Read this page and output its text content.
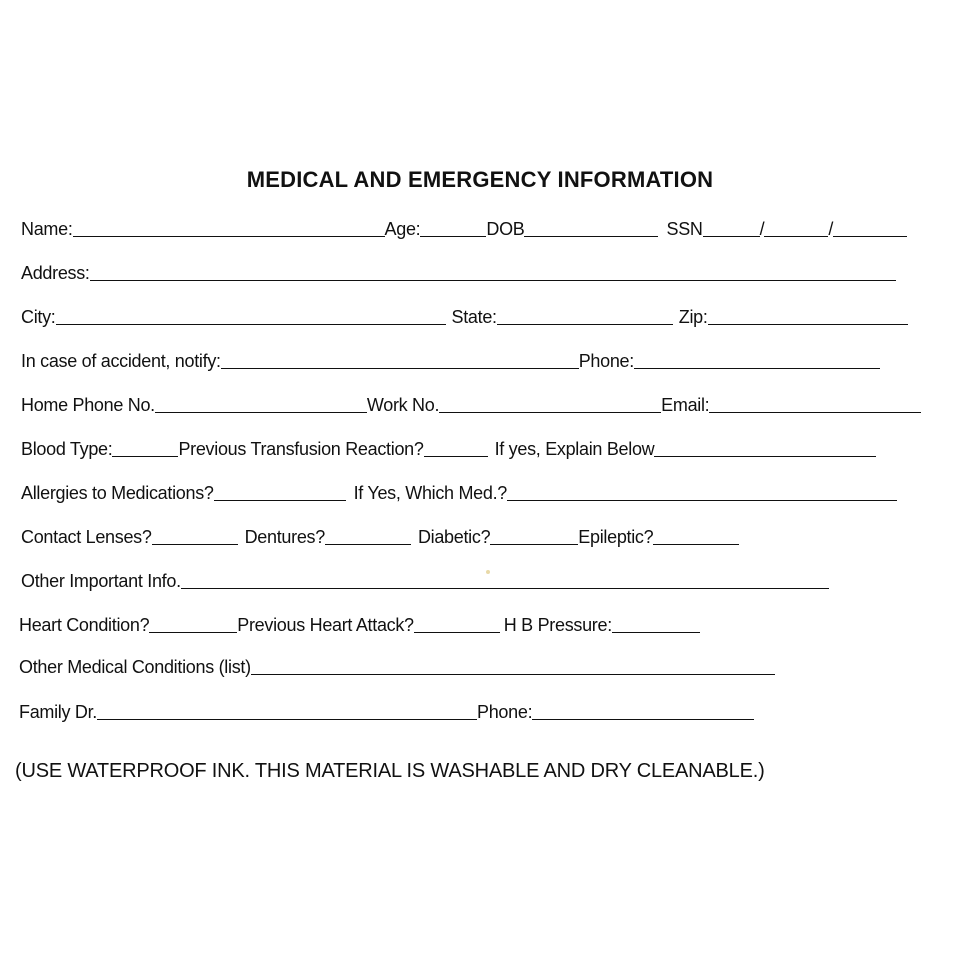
MEDICAL AND EMERGENCY INFORMATION
Name:	Age:	DOB	SSN	/	/
Address:
City:	State:	Zip:
In case of accident, notify:	Phone:
Home Phone No.	Work No.	Email:
Blood Type:	Previous Transfusion Reaction?	If yes, Explain Below
Allergies to Medications?	If Yes, Which Med.?
Contact Lenses?	Dentures?	Diabetic?	Epileptic?
Other Important Info.
Heart Condition?	Previous Heart Attack?	H B Pressure:
Other Medical Conditions (list)
Family Dr.	Phone:
(USE WATERPROOF INK. THIS MATERIAL IS WASHABLE AND DRY CLEANABLE.)
